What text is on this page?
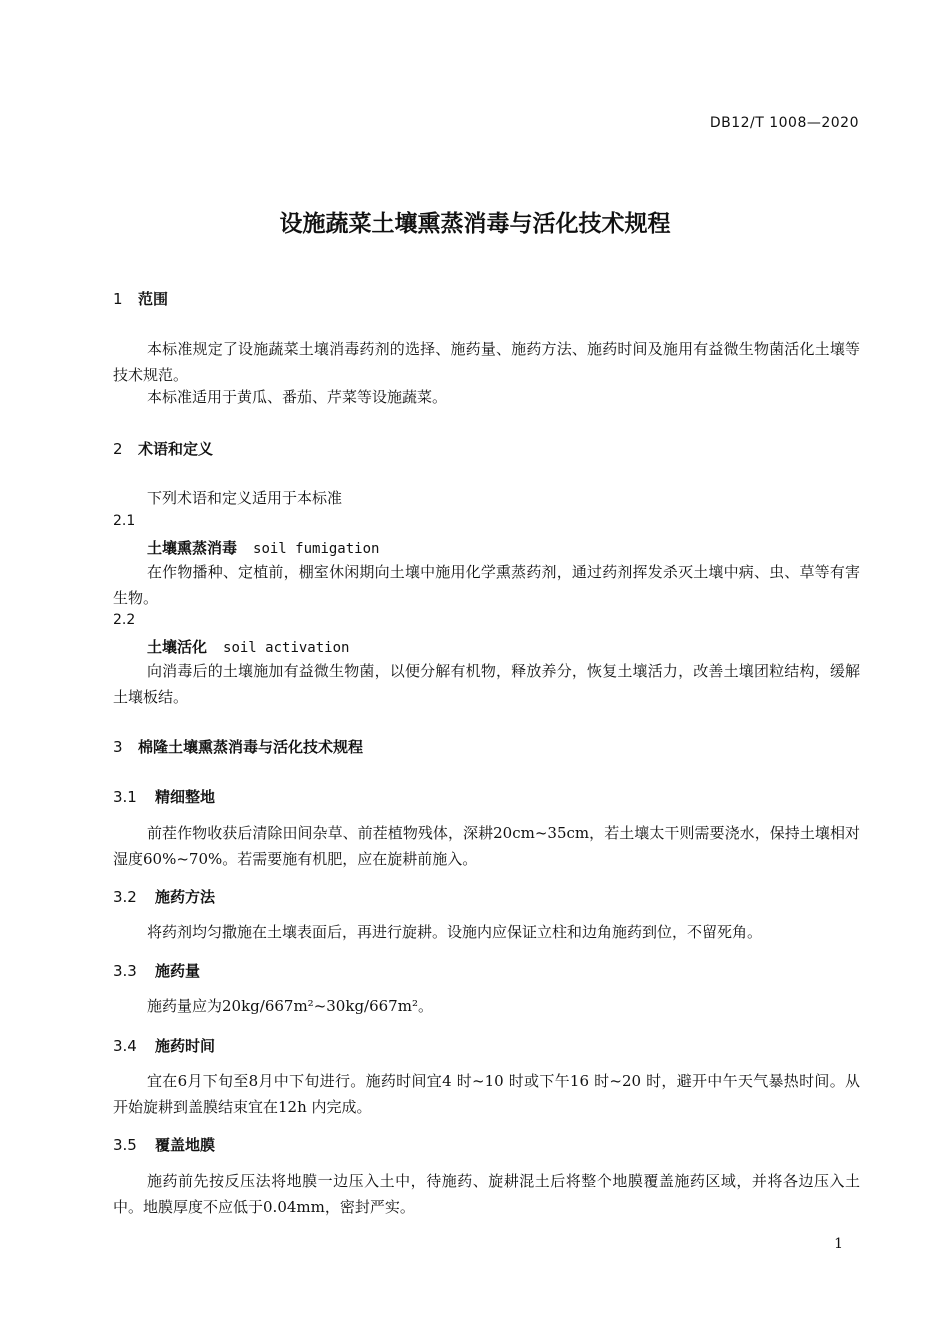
DB12/T 1008—2020
设施蔬菜土壤熏蒸消毒与活化技术规程
1 范围
本标准规定了设施蔬菜土壤消毒药剂的选择、施药量、施药方法、施药时间及施用有益微生物菌活化土壤等技术规范。
本标准适用于黄瓜、番茄、芹菜等设施蔬菜。
2 术语和定义
下列术语和定义适用于本标准
2.1
土壤熏蒸消毒 soil fumigation
在作物播种、定植前，棚室休闲期向土壤中施用化学熏蒸药剂，通过药剂挥发杀灭土壤中病、虫、草等有害生物。
2.2
土壤活化 soil activation
向消毒后的土壤施加有益微生物菌，以便分解有机物，释放养分，恢复土壤活力，改善土壤团粒结构，缓解土壤板结。
3 棉隆土壤熏蒸消毒与活化技术规程
3.1 精细整地
前茬作物收获后清除田间杂草、前茬植物残体，深耕20cm~35cm，若土壤太干则需要浇水，保持土壤相对湿度60%~70%。若需要施有机肥，应在旋耕前施入。
3.2 施药方法
将药剂均匀撒施在土壤表面后，再进行旋耕。设施内应保证立柱和边角施药到位，不留死角。
3.3 施药量
施药量应为20kg/667m²~30kg/667m²。
3.4 施药时间
宜在6月下旬至8月中下旬进行。施药时间宜4 时~10 时或下午16 时~20 时，避开中午天气暴热时间。从开始旋耕到盖膜结束宜在12h 内完成。
3.5 覆盖地膜
施药前先按反压法将地膜一边压入土中，待施药、旋耕混土后将整个地膜覆盖施药区域，并将各边压入土中。地膜厚度不应低于0.04mm，密封严实。
1
